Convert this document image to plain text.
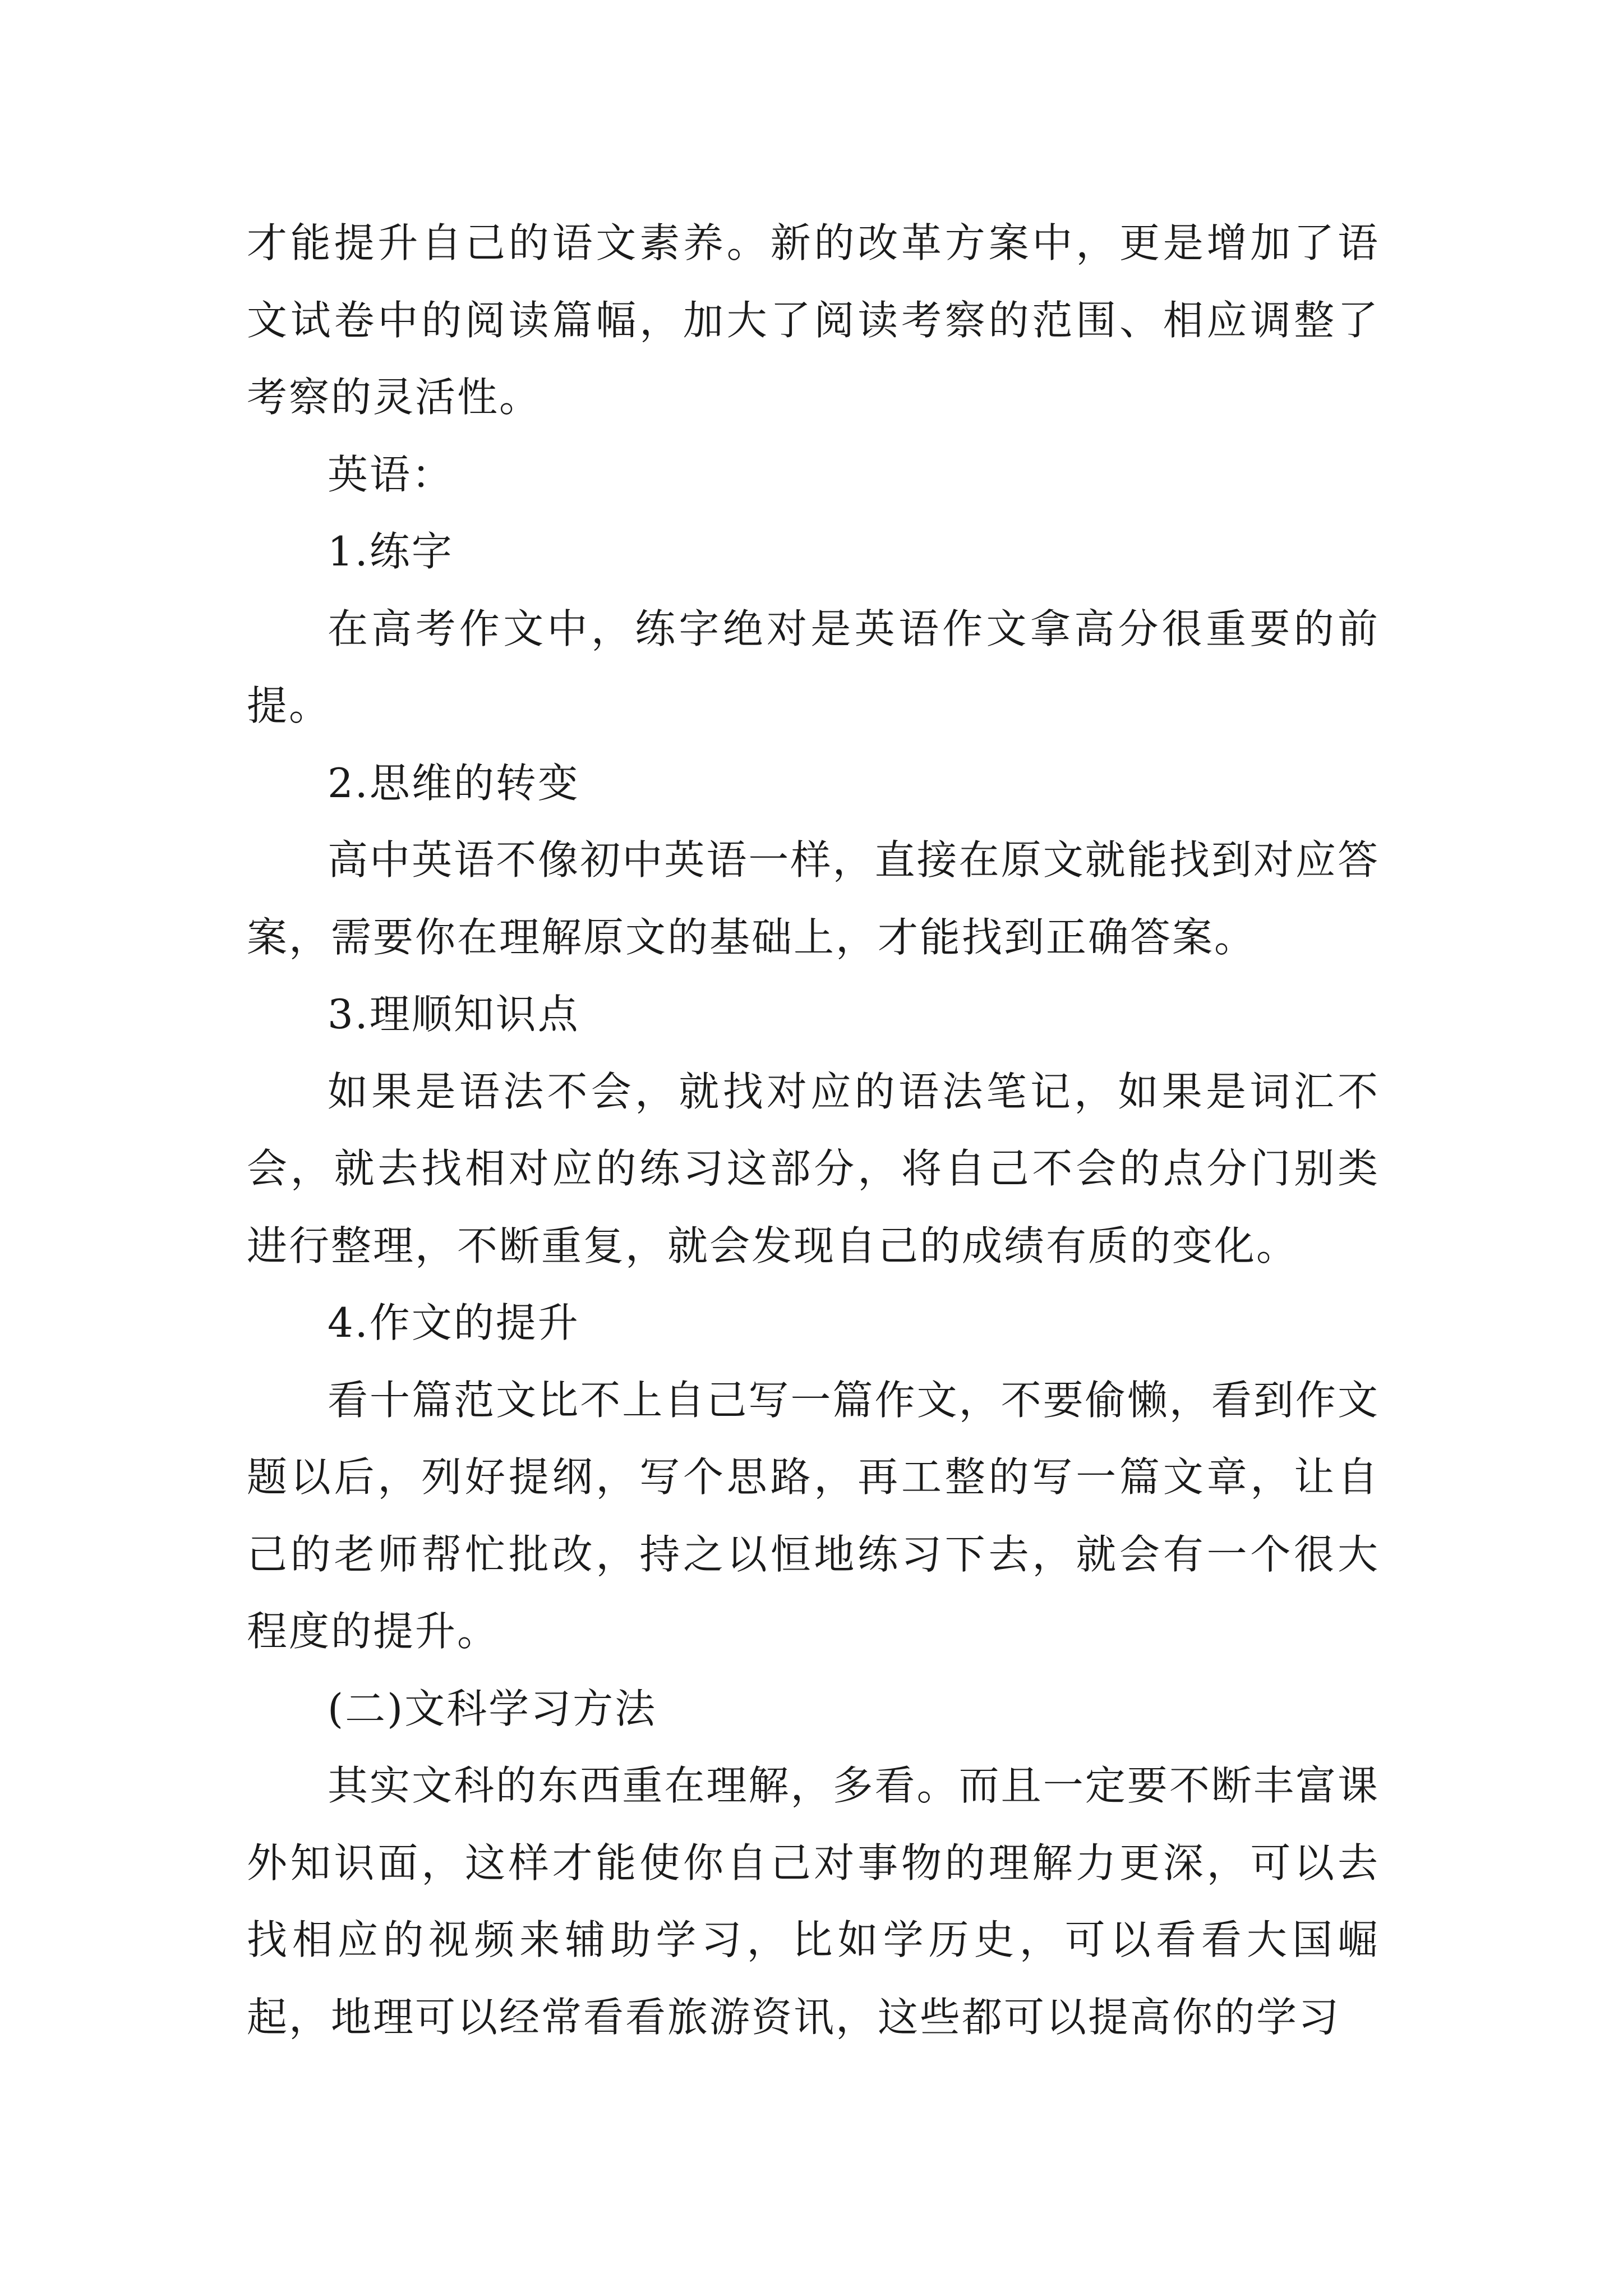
才能提升自己的语文素养。新的改革方案中，更是增加了语文试卷中的阅读篇幅，加大了阅读考察的范围、相应调整了考察的灵活性。

英语：

1.练字

在高考作文中，练字绝对是英语作文拿高分很重要的前提。

2.思维的转变

高中英语不像初中英语一样，直接在原文就能找到对应答案，需要你在理解原文的基础上，才能找到正确答案。

3.理顺知识点

如果是语法不会，就找对应的语法笔记，如果是词汇不会，就去找相对应的练习这部分，将自己不会的点分门别类进行整理，不断重复，就会发现自己的成绩有质的变化。

4.作文的提升

看十篇范文比不上自己写一篇作文，不要偷懒，看到作文题以后，列好提纲，写个思路，再工整的写一篇文章，让自己的老师帮忙批改，持之以恒地练习下去，就会有一个很大程度的提升。

(二)文科学习方法

其实文科的东西重在理解，多看。而且一定要不断丰富课外知识面，这样才能使你自己对事物的理解力更深，可以去找相应的视频来辅助学习，比如学历史，可以看看大国崛起，地理可以经常看看旅游资讯，这些都可以提高你的学习
